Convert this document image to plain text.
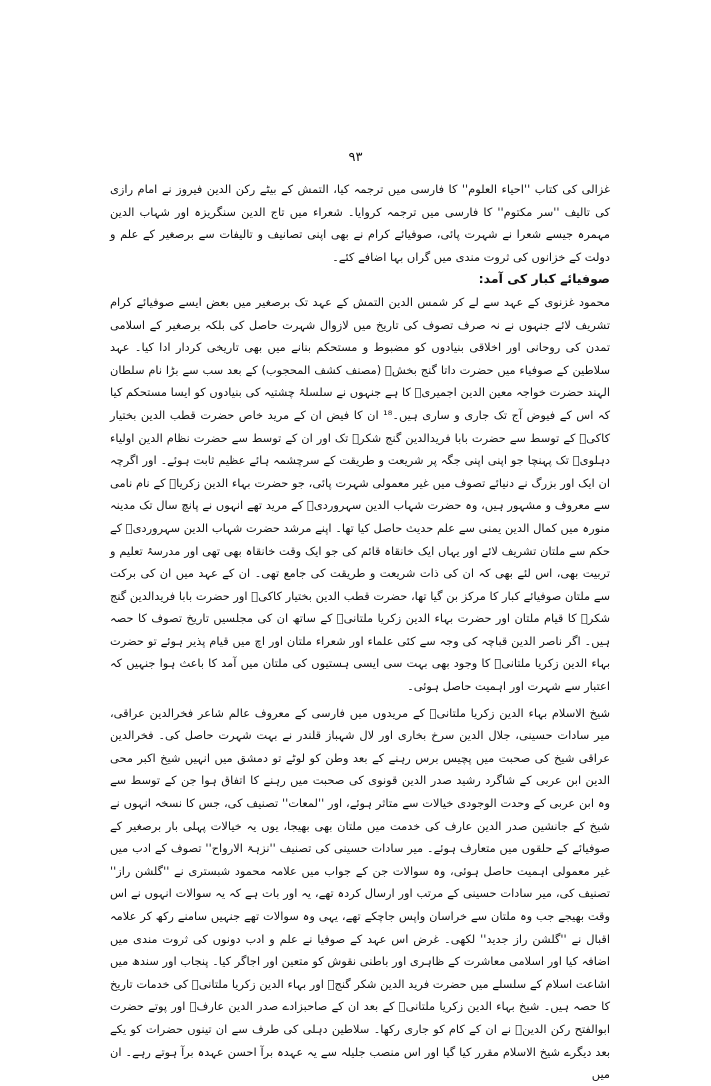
۹۳

غزالی کی کتاب ''احیاء العلوم'' کا فارسی میں ترجمہ کیا، التمش کے بیٹے رکن الدین فیروز نے امام رازی کی تالیف ''سر مکتوم'' کا فارسی میں ترجمہ کروایا۔ شعراء میں تاج الدین سنگریزہ اور شہاب الدین مہمرہ جیسے شعرا نے شہرت پائی، صوفیائے کرام نے بھی اپنی تصانیف و تالیفات سے برصغیر کے علم و دولت کے خزانوں کی ثروت مندی میں گراں بہا اضافے کئے۔

صوفیائے کبار کی آمد:

محمود غزنوی کے عہد سے لے کر شمس الدین التمش کے عہد تک برصغیر میں بعض ایسے صوفیائے کرام تشریف لائے جنہوں نے نہ صرف تصوف کی تاریخ میں لازوال شہرت حاصل کی بلکہ برصغیر کے اسلامی تمدن کی روحانی اور اخلاقی بنیادوں کو مضبوط و مستحکم بنانے میں بھی تاریخی کردار ادا کیا۔ عہد سلاطین کے صوفیاء میں حضرت داتا گنج بخشؒ (مصنف کشف المحجوب) کے بعد سب سے بڑا نام سلطان الہند حضرت خواجہ معین الدین اجمیریؒ کا ہے جنہوں نے سلسلۂ چشتیہ کی بنیادوں کو ایسا مستحکم کیا کہ اس کے فیوض آج تک جاری و ساری ہیں۔¹⁸ ان کا فیض ان کے مرید خاص حضرت قطب الدین بختیار کاکیؒ کے توسط سے حضرت بابا فریدالدین گنج شکرؒ تک اور ان کے توسط سے حضرت نظام الدین اولیاء دہلویؒ تک پہنچا جو اپنی اپنی جگہ پر شریعت و طریقت کے سرچشمہ ہائے عظیم ثابت ہوئے۔ اور اگرچہ ان ایک اور بزرگ نے دنیائے تصوف میں غیر معمولی شہرت پائی، جو حضرت بہاء الدین زکریاؒ کے نام نامی سے معروف و مشہور ہیں، وہ حضرت شہاب الدین سہروردیؒ کے مرید تھے انہوں نے پانچ سال تک مدینہ منورہ میں کمال الدین یمنی سے علم حدیث حاصل کیا تھا۔ اپنے مرشد حضرت شہاب الدین سہروردیؒ کے حکم سے ملتان تشریف لائے اور یہاں ایک خانقاہ قائم کی جو ایک وقت خانقاہ بھی تھی اور مدرسۂ تعلیم و تربیت بھی، اس لئے بھی کہ ان کی ذات شریعت و طریقت کی جامع تھی۔ ان کے عہد میں ان کی برکت سے ملتان صوفیائے کبار کا مرکز بن گیا تھا، حضرت قطب الدین بختیار کاکیؒ اور حضرت بابا فریدالدین گنج شکرؒ کا قیام ملتان اور حضرت بہاء الدین زکریا ملتانیؒ کے ساتھ ان کی مجلسیں تاریخ تصوف کا حصہ ہیں۔ اگر ناصر الدین قباچہ کی وجہ سے کئی علماء اور شعراء ملتان اور اچ میں قیام پذیر ہوئے تو حضرت بہاء الدین زکریا ملتانیؒ کا وجود بھی بہت سی ایسی ہستیوں کی ملتان میں آمد کا باعث ہوا جنہیں کہ اعتبار سے شہرت اور اہمیت حاصل ہوئی۔

شیخ الاسلام بہاء الدین زکریا ملتانیؒ کے مریدوں میں فارسی کے معروف عالم شاعر فخرالدین عراقی، میر سادات حسینی، جلال الدین سرخ بخاری اور لال شہباز قلندر نے بہت شہرت حاصل کی۔ فخرالدین عراقی شیخ کی صحبت میں پچیس برس رہنے کے بعد وطن کو لوٹے تو دمشق میں انہیں شیخ اکبر محی الدین ابن عربی کے شاگرد رشید صدر الدین قونوی کی صحبت میں رہنے کا اتفاق ہوا جن کے توسط سے وہ ابن عربی کے وحدت الوجودی خیالات سے متاثر ہوئے، اور ''لمعات'' تصنیف کی، جس کا نسخہ انہوں نے شیخ کے جانشین صدر الدین عارف کی خدمت میں ملتان بھی بھیجا، یوں یہ خیالات پہلی بار برصغیر کے صوفیائے کے حلقوں میں متعارف ہوئے۔ میر سادات حسینی کی تصنیف ''نزہۃ الارواح'' تصوف کے ادب میں غیر معمولی اہمیت حاصل ہوئی، وہ سوالات جن کے جواب میں علامہ محمود شبستری نے ''گلشن راز'' تصنیف کی، میر سادات حسینی کے مرتب اور ارسال کردہ تھے، یہ اور بات ہے کہ یہ سوالات انہوں نے اس وقت بھیجے جب وہ ملتان سے خراسان واپس جاچکے تھے، یہی وہ سوالات تھے جنہیں سامنے رکھ کر علامہ اقبال نے ''گلشن راز جدید'' لکھی۔ غرض اس عہد کے صوفیا نے علم و ادب دونوں کی ثروت مندی میں اضافہ کیا اور اسلامی معاشرت کے ظاہری اور باطنی نقوش کو متعین اور اجاگر کیا۔ پنجاب اور سندھ میں اشاعت اسلام کے سلسلے میں حضرت فرید الدین شکر گنجؒ اور بہاء الدین زکریا ملتانیؒ کی خدمات تاریخ کا حصہ ہیں۔ شیخ بہاء الدین زکریا ملتانیؒ کے بعد ان کے صاحبزادے صدر الدین عارفؒ اور پوتے حضرت ابوالفتح رکن الدینؒ نے ان کے کام کو جاری رکھا۔ سلاطین دہلی کی طرف سے ان تینوں حضرات کو یکے بعد دیگرے شیخ الاسلام مقرر کیا گیا اور اس منصب جلیلہ سے یہ عہدہ برآ احسن عہدہ برآ ہوتے رہے۔ ان میں
